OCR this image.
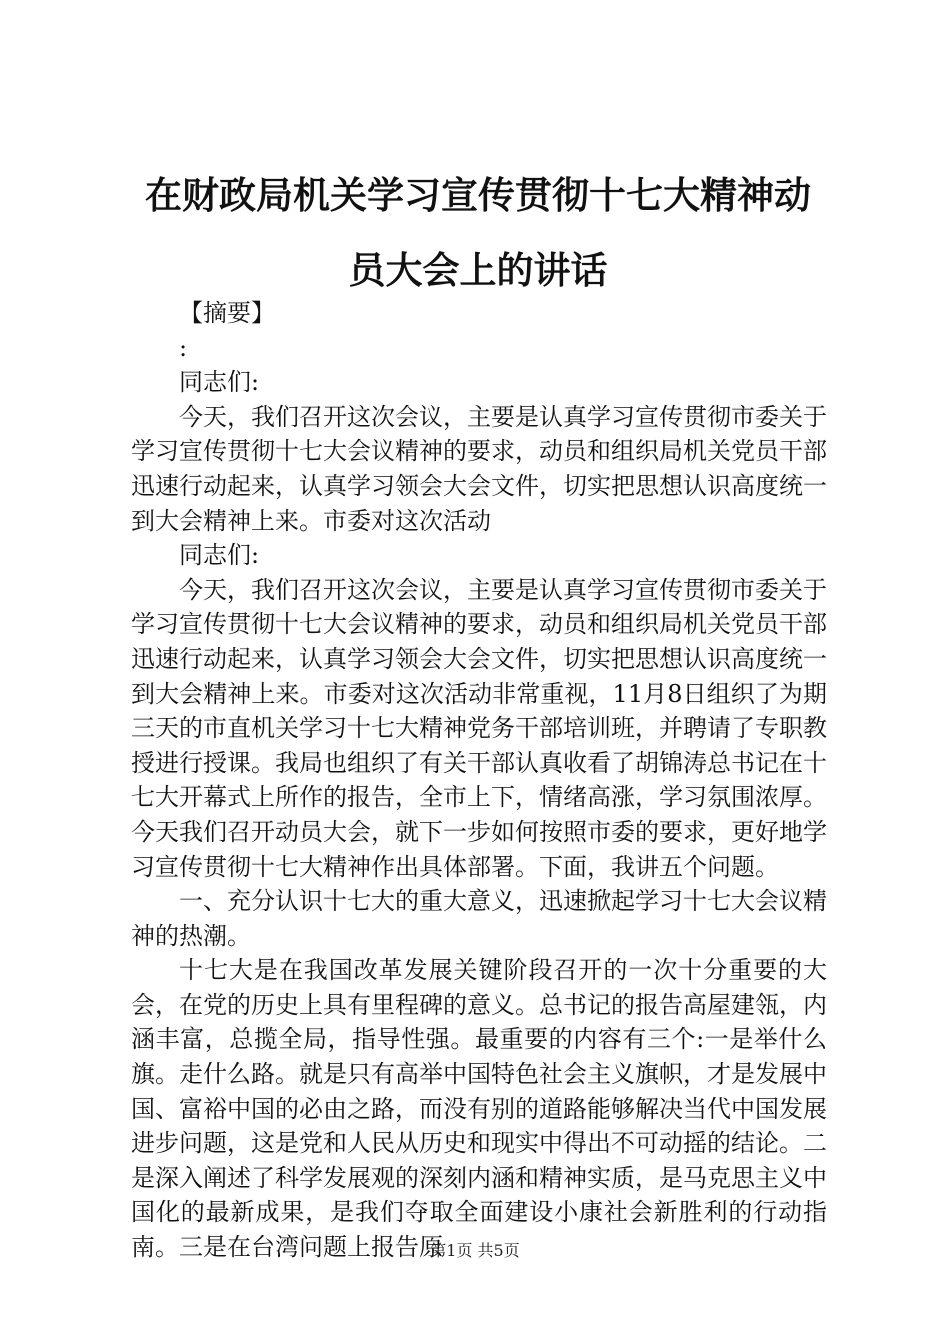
在财政局机关学习宣传贯彻十七大精神动员大会上的讲话

【摘要】

:

同志们:

今天，我们召开这次会议，主要是认真学习宣传贯彻市委关于学习宣传贯彻十七大会议精神的要求，动员和组织局机关党员干部迅速行动起来，认真学习领会大会文件，切实把思想认识高度统一到大会精神上来。市委对这次活动

同志们:

今天，我们召开这次会议，主要是认真学习宣传贯彻市委关于学习宣传贯彻十七大会议精神的要求，动员和组织局机关党员干部迅速行动起来，认真学习领会大会文件，切实把思想认识高度统一到大会精神上来。市委对这次活动非常重视，11月8日组织了为期三天的市直机关学习十七大精神党务干部培训班，并聘请了专职教授进行授课。我局也组织了有关干部认真收看了胡锦涛总书记在十七大开幕式上所作的报告，全市上下，情绪高涨，学习氛围浓厚。今天我们召开动员大会，就下一步如何按照市委的要求，更好地学习宣传贯彻十七大精神作出具体部署。下面，我讲五个问题。

一、充分认识十七大的重大意义，迅速掀起学习十七大会议精神的热潮。

十七大是在我国改革发展关键阶段召开的一次十分重要的大会，在党的历史上具有里程碑的意义。总书记的报告高屋建瓴，内涵丰富，总揽全局，指导性强。最重要的内容有三个:一是举什么旗。走什么路。就是只有高举中国特色社会主义旗帜，才是发展中国、富裕中国的必由之路，而没有别的道路能够解决当代中国发展进步问题，这是党和人民从历史和现实中得出不可动摇的结论。二是深入阐述了科学发展观的深刻内涵和精神实质，是马克思主义中国化的最新成果，是我们夺取全面建设小康社会新胜利的行动指南。三是在台湾问题上报告原

第1页 共5页
